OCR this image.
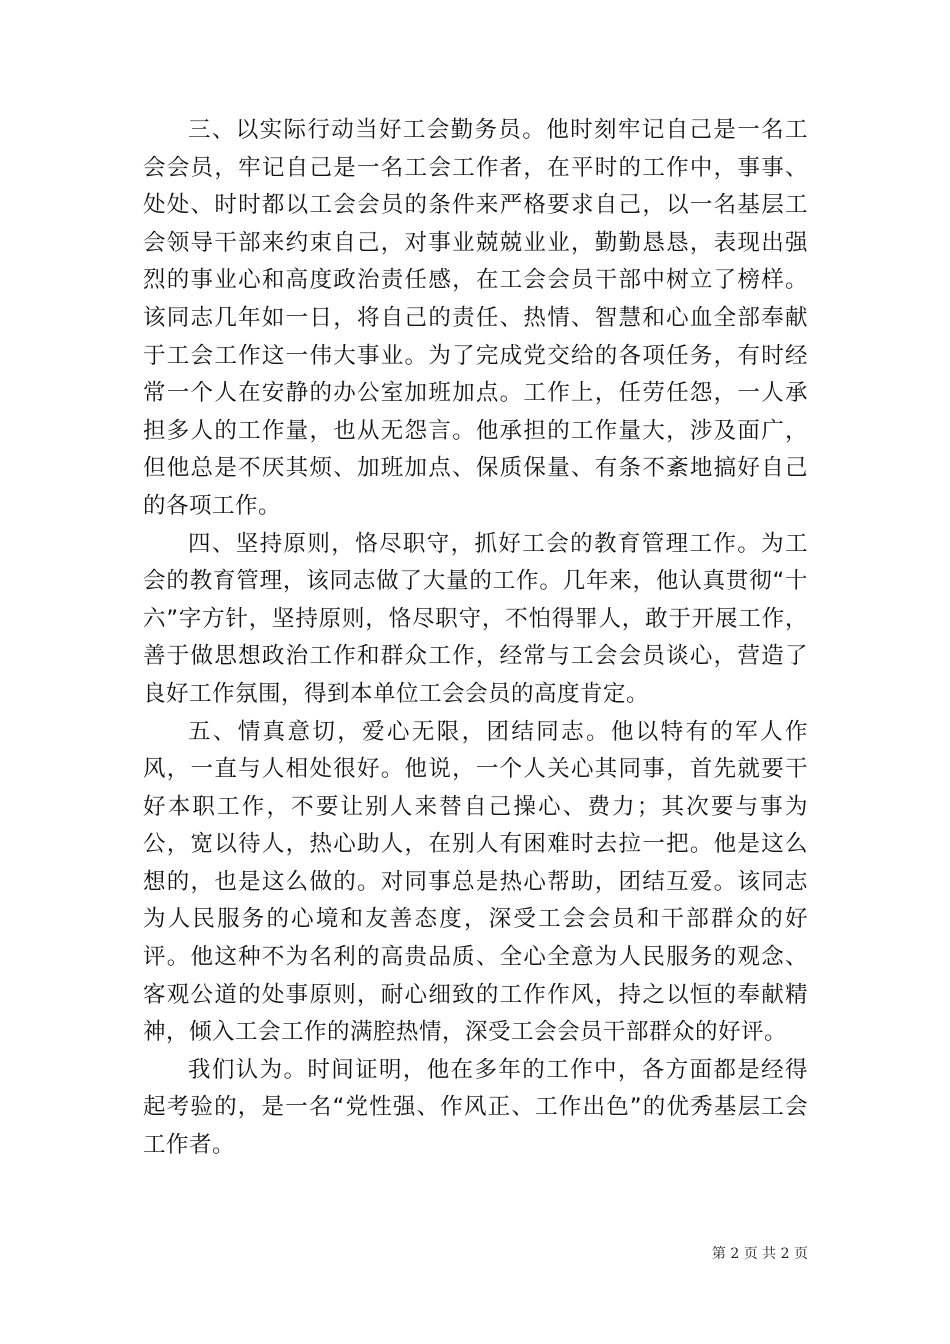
三、以实际行动当好工会勤务员。他时刻牢记自己是一名工会会员，牢记自己是一名工会工作者，在平时的工作中，事事、处处、时时都以工会会员的条件来严格要求自己，以一名基层工会领导干部来约束自己，对事业兢兢业业，勤勤恳恳，表现出强烈的事业心和高度政治责任感，在工会会员干部中树立了榜样。该同志几年如一日，将自己的责任、热情、智慧和心血全部奉献于工会工作这一伟大事业。为了完成党交给的各项任务，有时经常一个人在安静的办公室加班加点。工作上，任劳任怨，一人承担多人的工作量，也从无怨言。他承担的工作量大，涉及面广，但他总是不厌其烦、加班加点、保质保量、有条不紊地搞好自己的各项工作。

四、坚持原则，恪尽职守，抓好工会的教育管理工作。为工会的教育管理，该同志做了大量的工作。几年来，他认真贯彻“十六”字方针，坚持原则，恪尽职守，不怕得罪人，敢于开展工作，善于做思想政治工作和群众工作，经常与工会会员谈心，营造了良好工作氛围，得到本单位工会会员的高度肯定。

五、情真意切，爱心无限，团结同志。他以特有的军人作风，一直与人相处很好。他说，一个人关心其同事，首先就要干好本职工作，不要让别人来替自己操心、费力；其次要与事为公，宽以待人，热心助人，在别人有困难时去拉一把。他是这么想的，也是这么做的。对同事总是热心帮助，团结互爱。该同志为人民服务的心境和友善态度，深受工会会员和干部群众的好评。他这种不为名利的高贵品质、全心全意为人民服务的观念、客观公道的处事原则，耐心细致的工作作风，持之以恒的奉献精神，倾入工会工作的满腔热情，深受工会会员干部群众的好评。

我们认为。时间证明，他在多年的工作中，各方面都是经得起考验的，是一名“党性强、作风正、工作出色”的优秀基层工会工作者。

第 2 页 共 2 页
